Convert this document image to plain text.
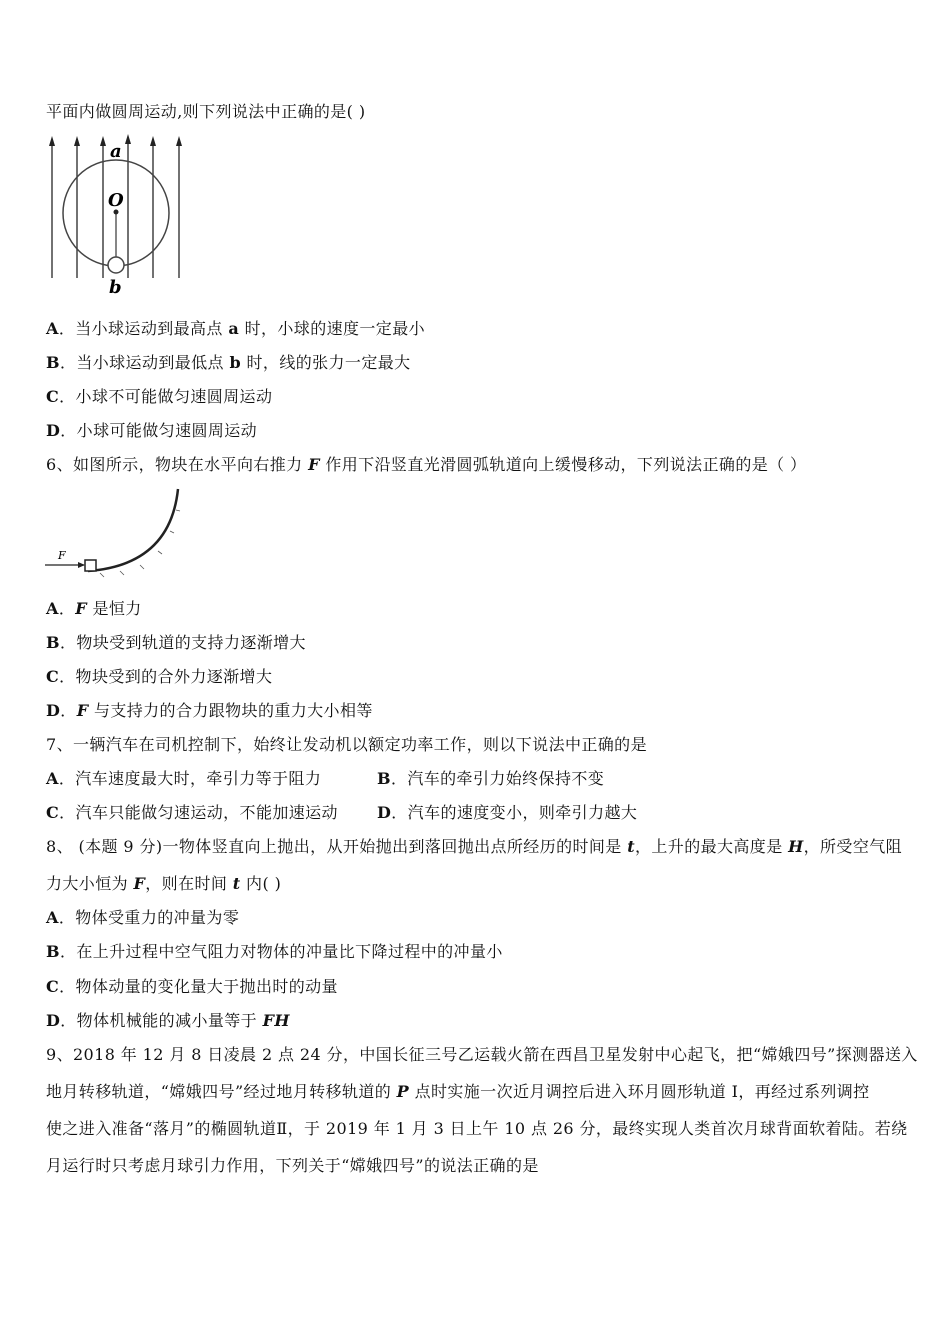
平面内做圆周运动,则下列说法中正确的是( )
A．当小球运动到最高点 a 时，小球的速度一定最小
B．当小球运动到最低点 b 时，线的张力一定最大
C．小球不可能做匀速圆周运动
D．小球可能做匀速圆周运动
6、如图所示，物块在水平向右推力 F 作用下沿竖直光滑圆弧轨道向上缓慢移动，下列说法正确的是（ ）
A．F 是恒力
B．物块受到轨道的支持力逐渐增大
C．物块受到的合外力逐渐增大
D．F 与支持力的合力跟物块的重力大小相等
7、一辆汽车在司机控制下，始终让发动机以额定功率工作，则以下说法中正确的是
A．汽车速度最大时，牵引力等于阻力	B．汽车的牵引力始终保持不变
C．汽车只能做匀速运动，不能加速运动 D．汽车的速度变小，则牵引力越大
8、 (本题 9 分)一物体竖直向上抛出，从开始抛出到落回抛出点所经历的时间是 t，上升的最大高度是 H，所受空气阻
力大小恒为 F，则在时间 t 内( )
A．物体受重力的冲量为零
B．在上升过程中空气阻力对物体的冲量比下降过程中的冲量小
C．物体动量的变化量大于抛出时的动量
D．物体机械能的减小量等于 FH
9、2018 年 12 月 8 日凌晨 2 点 24 分，中国长征三号乙运载火箭在西昌卫星发射中心起飞，把“嫦娥四号”探测器送入
地月转移轨道，“嫦娥四号”经过地月转移轨道的 P 点时实施一次近月调控后进入环月圆形轨道 I，再经过系列调控
使之进入准备“落月”的椭圆轨道Ⅱ，于 2019 年 1 月 3 日上午 10 点 26 分，最终实现人类首次月球背面软着陆。若绕
月运行时只考虑月球引力作用，下列关于“嫦娥四号”的说法正确的是
a
O
b
F
